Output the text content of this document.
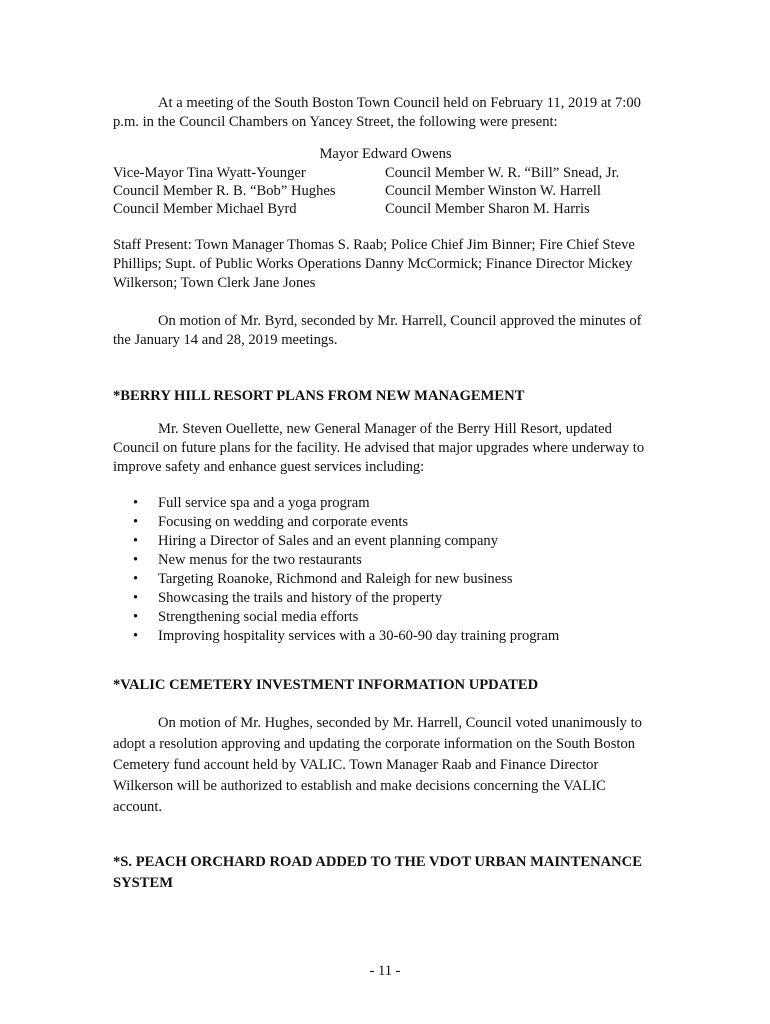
At a meeting of the South Boston Town Council held on February 11, 2019 at 7:00 p.m. in the Council Chambers on Yancey Street, the following were present:

Mayor Edward Owens

Vice-Mayor Tina Wyatt-Younger	Council Member W. R. “Bill” Snead, Jr.
Council Member R. B. “Bob” Hughes	Council Member Winston W. Harrell
Council Member Michael Byrd	Council Member Sharon M. Harris

Staff Present: Town Manager Thomas S. Raab; Police Chief Jim Binner; Fire Chief Steve Phillips; Supt. of Public Works Operations Danny McCormick; Finance Director Mickey Wilkerson; Town Clerk Jane Jones

On motion of Mr. Byrd, seconded by Mr. Harrell, Council approved the minutes of the January 14 and 28, 2019 meetings.

*BERRY HILL RESORT PLANS FROM NEW MANAGEMENT

Mr. Steven Ouellette, new General Manager of the Berry Hill Resort, updated Council on future plans for the facility. He advised that major upgrades where underway to improve safety and enhance guest services including:

• Full service spa and a yoga program
• Focusing on wedding and corporate events
• Hiring a Director of Sales and an event planning company
• New menus for the two restaurants
• Targeting Roanoke, Richmond and Raleigh for new business
• Showcasing the trails and history of the property
• Strengthening social media efforts
• Improving hospitality services with a 30-60-90 day training program
*VALIC CEMETERY INVESTMENT INFORMATION UPDATED

On motion of Mr. Hughes, seconded by Mr. Harrell, Council voted unanimously to adopt a resolution approving and updating the corporate information on the South Boston Cemetery fund account held by VALIC. Town Manager Raab and Finance Director Wilkerson will be authorized to establish and make decisions concerning the VALIC account.

*S. PEACH ORCHARD ROAD ADDED TO THE VDOT URBAN MAINTENANCE SYSTEM
- 11 -
